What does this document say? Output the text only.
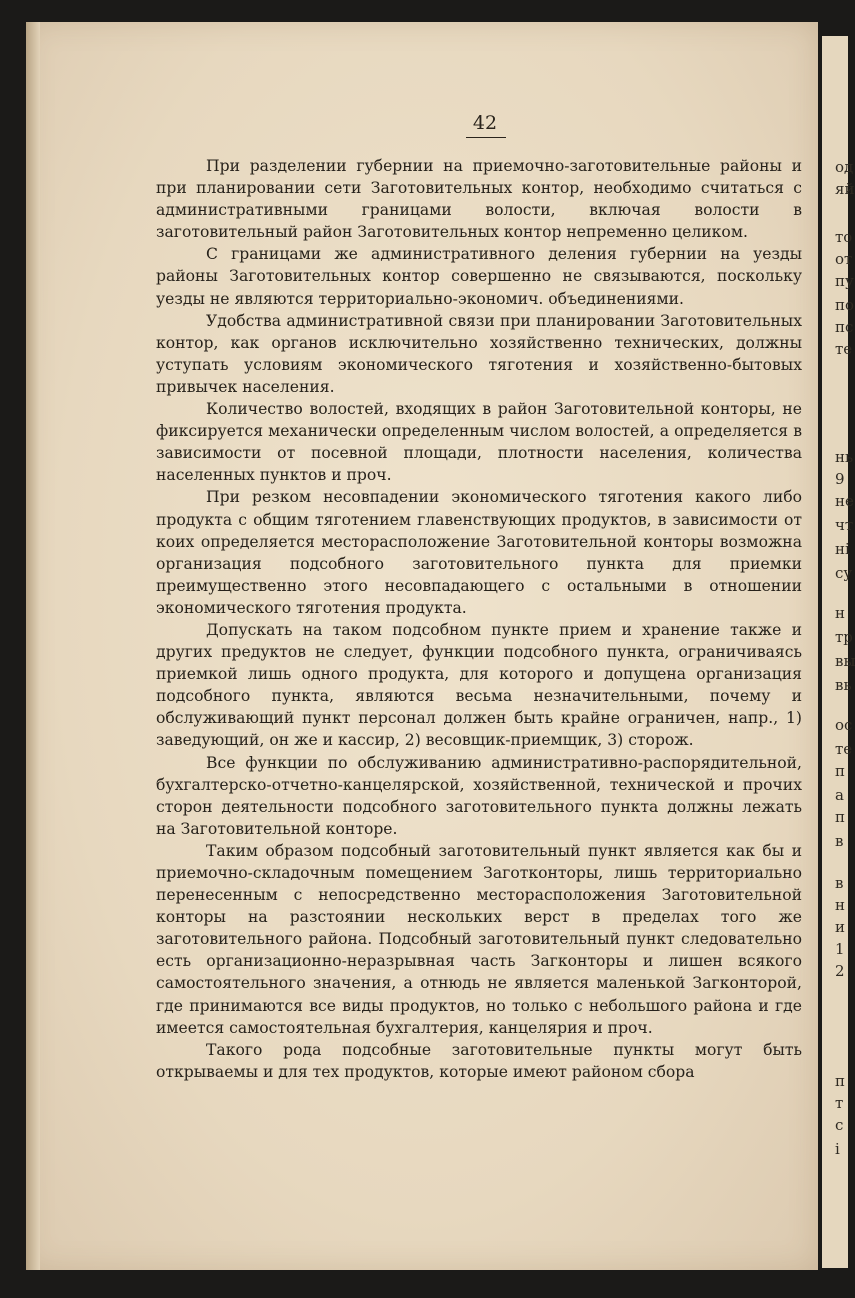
од
яй
то
от
пу
по
пс
те
нь
9
не
чт
ні
су
н
тр
вы
вь
ос
те
п
а
п
в
в
н
и
1
2
п
т
с
і
42

При разделении губернии на приемочно-заготовительные районы и при планировании сети Заготовительных контор, необходимо считаться с административными границами волости, включая волости в заготовительный район Заготовительных контор непременно целиком.

С границами же административного деления губернии на уезды районы Заготовительных контор совершенно не связываются, поскольку уезды не являются территориально-экономич. объединениями.

Удобства административной связи при планировании Заготовительных контор, как органов исключительно хозяйственно технических, должны уступать условиям экономического тяготения и хозяйственно-бытовых привычек населения.

Количество волостей, входящих в район Заготовительной конторы, не фиксируется механически определенным числом волостей, а определяется в зависимости от посевной площади, плотности населения, количества населенных пунктов и проч.

При резком несовпадении экономического тяготения какого либо продукта с общим тяготением главенствующих продуктов, в зависимости от коих определяется месторасположение Заготовительной конторы возможна организация подсобного заготовительного пункта для приемки преимущественно этого несовпадающего с остальными в отношении экономического тяготения продукта.

Допускать на таком подсобном пункте прием и хранение также и других предуктов не следует, функции подсобного пункта, ограничиваясь приемкой лишь одного продукта, для которого и допущена организация подсобного пункта, являются весьма незначительными, почему и обслуживающий пункт персонал должен быть крайне ограничен, напр., 1) заведующий, он же и кассир, 2) весовщик-приемщик, 3) сторож.

Все функции по обслуживанию административно-распорядительной, бухгалтерско-отчетно-канцелярской, хозяйственной, технической и прочих сторон деятельности подсобного заготовительного пункта должны лежать на Заготовительной конторе.

Таким образом подсобный заготовительный пункт является как бы и приемочно-складочным помещением Заготконторы, лишь территориально перенесенным с непосредственно месторасположения Заготовительной конторы на разстоянии нескольких верст в пределах того же заготовительного района. Подсобный заготовительный пункт следовательно есть организационно-неразрывная часть Загконторы и лишен всякого самостоятельного значения, а отнюдь не является маленькой Загконторой, где принимаются все виды продуктов, но только с небольшого района и где имеется самостоятельная бухгалтерия, канцелярия и проч.

Такого рода подсобные заготовительные пункты могут быть открываемы и для тех продуктов, которые имеют районом сбора
